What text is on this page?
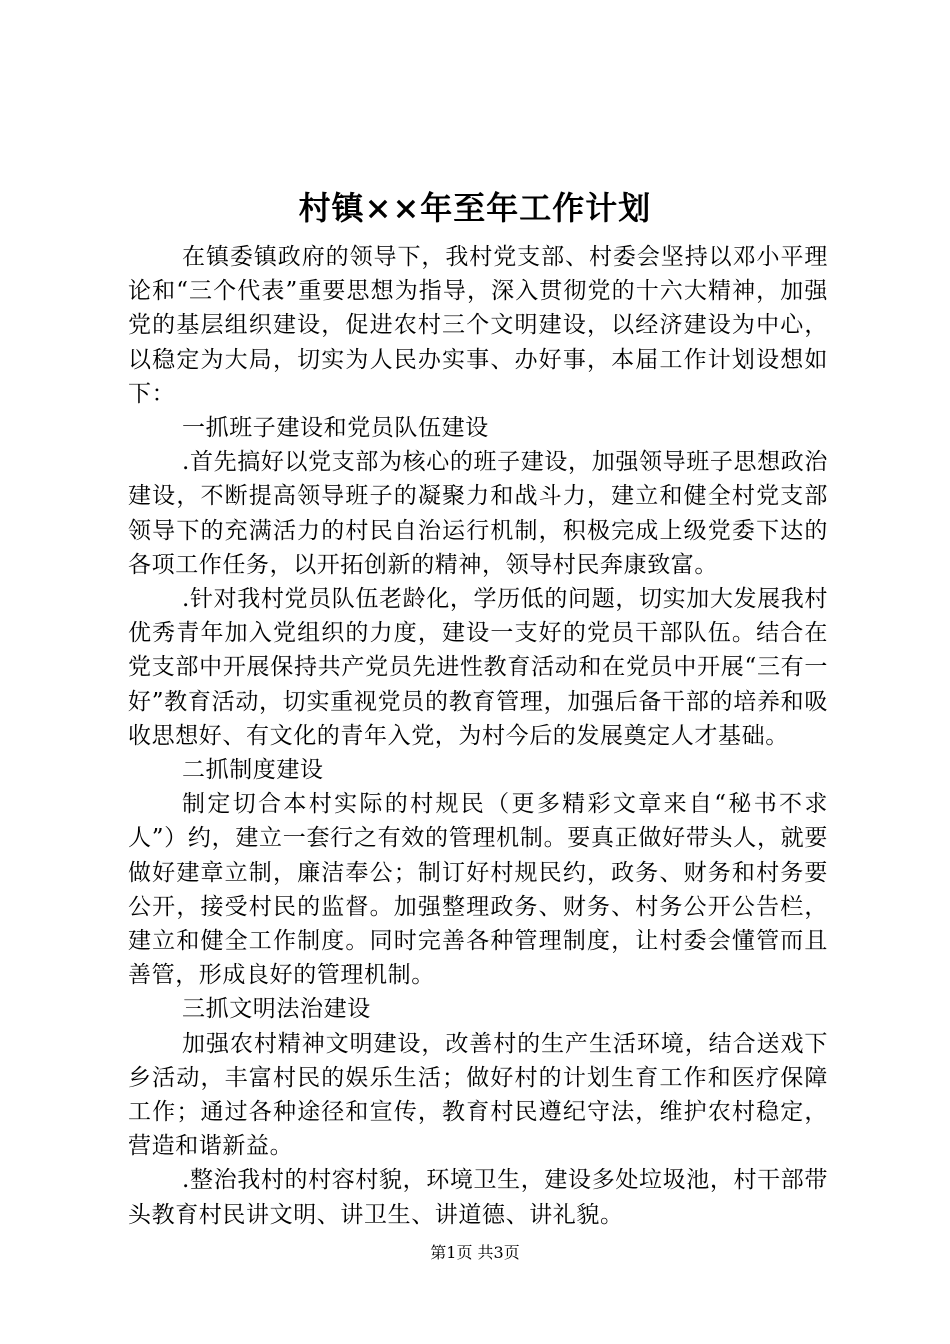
村镇××年至年工作计划

在镇委镇政府的领导下，我村党支部、村委会坚持以邓小平理论和“三个代表”重要思想为指导，深入贯彻党的十六大精神，加强党的基层组织建设，促进农村三个文明建设，以经济建设为中心，以稳定为大局，切实为人民办实事、办好事，本届工作计划设想如下：

一抓班子建设和党员队伍建设

.首先搞好以党支部为核心的班子建设，加强领导班子思想政治建设，不断提高领导班子的凝聚力和战斗力，建立和健全村党支部领导下的充满活力的村民自治运行机制，积极完成上级党委下达的各项工作任务，以开拓创新的精神，领导村民奔康致富。

.针对我村党员队伍老龄化，学历低的问题，切实加大发展我村优秀青年加入党组织的力度，建设一支好的党员干部队伍。结合在党支部中开展保持共产党员先进性教育活动和在党员中开展“三有一好”教育活动，切实重视党员的教育管理，加强后备干部的培养和吸收思想好、有文化的青年入党，为村今后的发展奠定人才基础。

二抓制度建设

制定切合本村实际的村规民（更多精彩文章来自“秘书不求人”）约，建立一套行之有效的管理机制。要真正做好带头人，就要做好建章立制，廉洁奉公；制订好村规民约，政务、财务和村务要公开，接受村民的监督。加强整理政务、财务、村务公开公告栏，建立和健全工作制度。同时完善各种管理制度，让村委会懂管而且善管，形成良好的管理机制。

三抓文明法治建设

加强农村精神文明建设，改善村的生产生活环境，结合送戏下乡活动，丰富村民的娱乐生活；做好村的计划生育工作和医疗保障工作；通过各种途径和宣传，教育村民遵纪守法，维护农村稳定，营造和谐新益。

.整治我村的村容村貌，环境卫生，建设多处垃圾池，村干部带头教育村民讲文明、讲卫生、讲道德、讲礼貌。

第1页 共3页
